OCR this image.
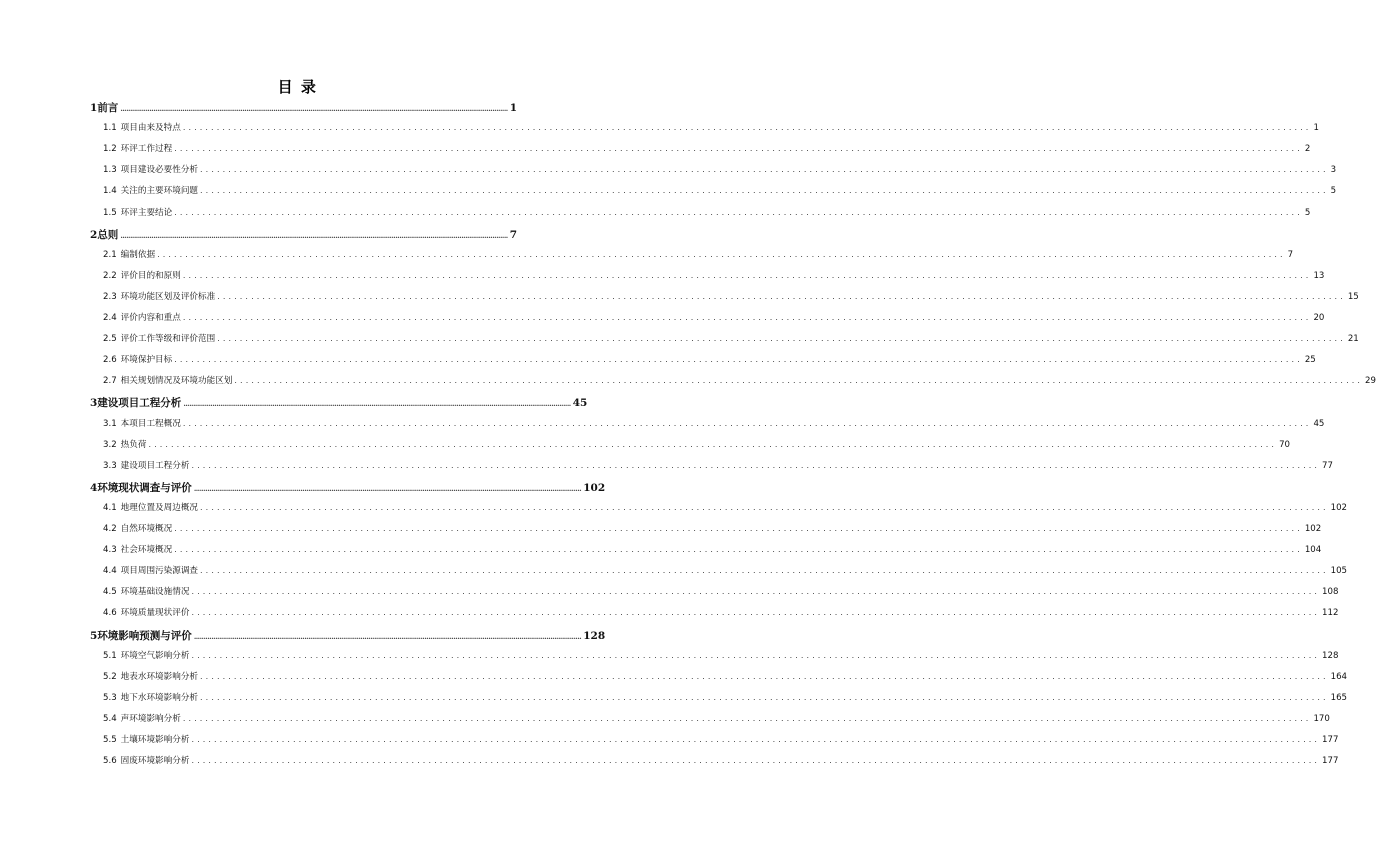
目 录
1 前言 ........................................................................................................................................................................................................ 1
1.1 项目由来及特点 ........................................................................................................................................................................................................ 1
1.2 环评工作过程 ........................................................................................................................................................................................................ 2
1.3 项目建设必要性分析 ........................................................................................................................................................................................................ 3
1.4 关注的主要环境问题 ........................................................................................................................................................................................................ 5
1.5 环评主要结论 ........................................................................................................................................................................................................ 5
2 总则 ........................................................................................................................................................................................................ 7
2.1 编制依据 ........................................................................................................................................................................................................ 7
2.2 评价目的和原则 ........................................................................................................................................................................................................ 13
2.3 环境功能区划及评价标准 ........................................................................................................................................................................................................ 15
2.4 评价内容和重点 ........................................................................................................................................................................................................ 20
2.5 评价工作等级和评价范围 ........................................................................................................................................................................................................ 21
2.6 环境保护目标 ........................................................................................................................................................................................................ 25
2.7 相关规划情况及环境功能区划 ........................................................................................................................................................................................................ 29
3 建设项目工程分析 ........................................................................................................................................................................................................ 45
3.1 本项目工程概况 ........................................................................................................................................................................................................ 45
3.2 热负荷 ........................................................................................................................................................................................................ 70
3.3 建设项目工程分析 ........................................................................................................................................................................................................ 77
4 环境现状调查与评价 ........................................................................................................................................................................................................ 102
4.1 地理位置及周边概况 ........................................................................................................................................................................................................ 102
4.2 自然环境概况 ........................................................................................................................................................................................................ 102
4.3 社会环境概况 ........................................................................................................................................................................................................ 104
4.4 项目周围污染源调查 ........................................................................................................................................................................................................ 105
4.5 环境基础设施情况 ........................................................................................................................................................................................................ 108
4.6 环境质量现状评价 ........................................................................................................................................................................................................ 112
5 环境影响预测与评价 ........................................................................................................................................................................................................ 128
5.1 环境空气影响分析 ........................................................................................................................................................................................................ 128
5.2 地表水环境影响分析 ........................................................................................................................................................................................................ 164
5.3 地下水环境影响分析 ........................................................................................................................................................................................................ 165
5.4 声环境影响分析 ........................................................................................................................................................................................................ 170
5.5 土壤环境影响分析 ........................................................................................................................................................................................................ 177
5.6 固废环境影响分析 ........................................................................................................................................................................................................ 177
